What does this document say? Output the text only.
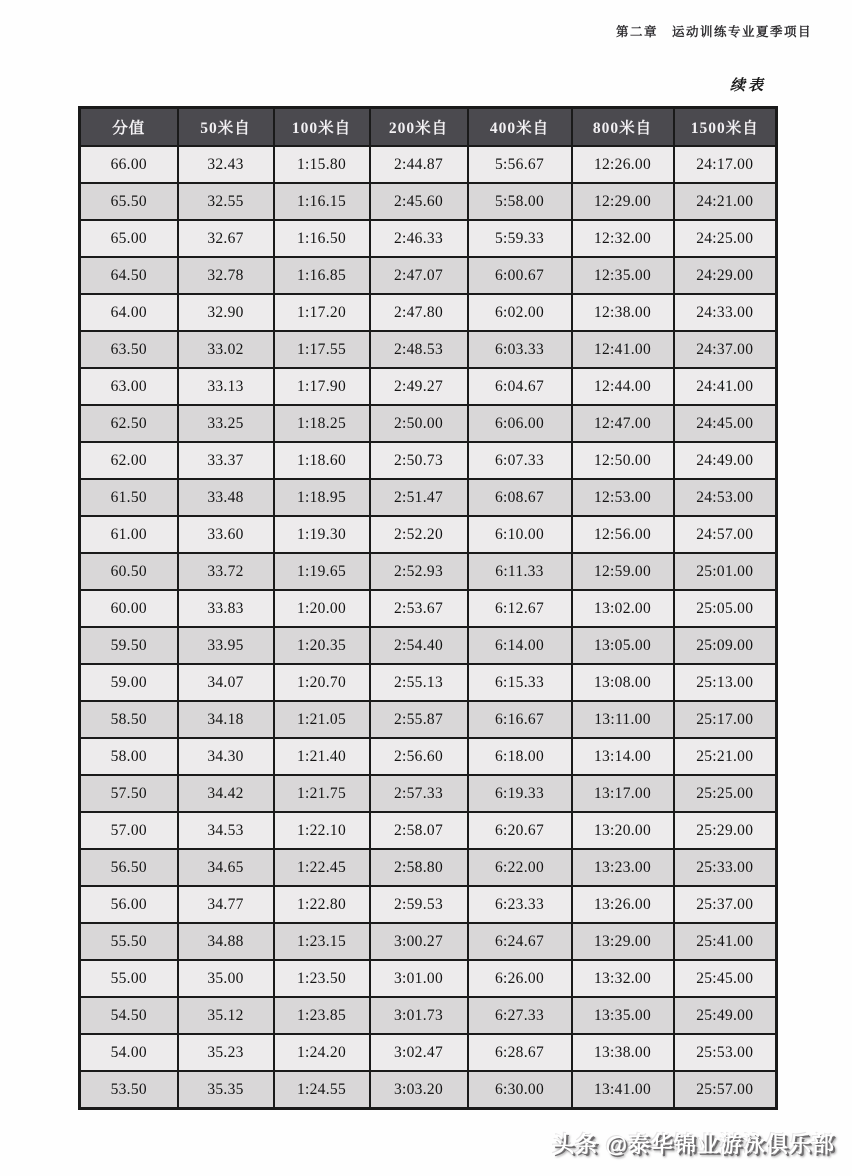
第二章　运动训练专业夏季项目
续表
分值	50米自	100米自	200米自	400米自	800米自	1500米自
66.00	32.43	1:15.80	2:44.87	5:56.67	12:26.00	24:17.00
65.50	32.55	1:16.15	2:45.60	5:58.00	12:29.00	24:21.00
65.00	32.67	1:16.50	2:46.33	5:59.33	12:32.00	24:25.00
64.50	32.78	1:16.85	2:47.07	6:00.67	12:35.00	24:29.00
64.00	32.90	1:17.20	2:47.80	6:02.00	12:38.00	24:33.00
63.50	33.02	1:17.55	2:48.53	6:03.33	12:41.00	24:37.00
63.00	33.13	1:17.90	2:49.27	6:04.67	12:44.00	24:41.00
62.50	33.25	1:18.25	2:50.00	6:06.00	12:47.00	24:45.00
62.00	33.37	1:18.60	2:50.73	6:07.33	12:50.00	24:49.00
61.50	33.48	1:18.95	2:51.47	6:08.67	12:53.00	24:53.00
61.00	33.60	1:19.30	2:52.20	6:10.00	12:56.00	24:57.00
60.50	33.72	1:19.65	2:52.93	6:11.33	12:59.00	25:01.00
60.00	33.83	1:20.00	2:53.67	6:12.67	13:02.00	25:05.00
59.50	33.95	1:20.35	2:54.40	6:14.00	13:05.00	25:09.00
59.00	34.07	1:20.70	2:55.13	6:15.33	13:08.00	25:13.00
58.50	34.18	1:21.05	2:55.87	6:16.67	13:11.00	25:17.00
58.00	34.30	1:21.40	2:56.60	6:18.00	13:14.00	25:21.00
57.50	34.42	1:21.75	2:57.33	6:19.33	13:17.00	25:25.00
57.00	34.53	1:22.10	2:58.07	6:20.67	13:20.00	25:29.00
56.50	34.65	1:22.45	2:58.80	6:22.00	13:23.00	25:33.00
56.00	34.77	1:22.80	2:59.53	6:23.33	13:26.00	25:37.00
55.50	34.88	1:23.15	3:00.27	6:24.67	13:29.00	25:41.00
55.00	35.00	1:23.50	3:01.00	6:26.00	13:32.00	25:45.00
54.50	35.12	1:23.85	3:01.73	6:27.33	13:35.00	25:49.00
54.00	35.23	1:24.20	3:02.47	6:28.67	13:38.00	25:53.00
53.50	35.35	1:24.55	3:03.20	6:30.00	13:41.00	25:57.00
头条 @泰华锦业游泳俱乐部
